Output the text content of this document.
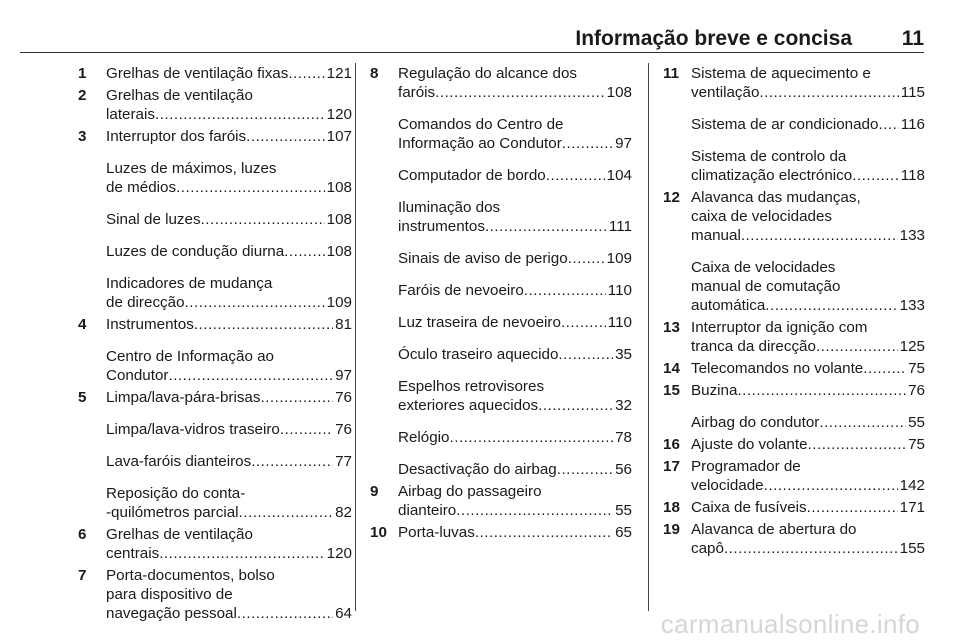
Informação breve e concisa 11
1 Grelhas de ventilação fixas .....	121
2 Grelhas de ventilação
laterais .....	120
3 Interruptor dos faróis .....	107
Luzes de máximos, luzes
de médios .....	108
Sinal de luzes .....	108
Luzes de condução diurna .....	108
Indicadores de mudança
de direcção .....	109
4 Instrumentos .....	81
Centro de Informação ao
Condutor .....	97
5 Limpa/lava-pára-brisas .....	76
Limpa/lava-vidros traseiro .....	76
Lava-faróis dianteiros .....	77
Reposição do conta-
-quilómetros parcial .....	82
6 Grelhas de ventilação
centrais .....	120
7 Porta-documentos, bolso
para dispositivo de
navegação pessoal .....	64
8 Regulação do alcance dos
faróis .....	108
Comandos do Centro de
Informação ao Condutor .....	97
Computador de bordo .....	104
Iluminação dos
instrumentos .....	111
Sinais de aviso de perigo .....	109
Faróis de nevoeiro .....	110
Luz traseira de nevoeiro .....	110
Óculo traseiro aquecido .....	35
Espelhos retrovisores
exteriores aquecidos .....	32
Relógio .....	78
Desactivação do airbag .....	56
9 Airbag do passageiro
dianteiro .....	55
10 Porta-luvas .....	65
11 Sistema de aquecimento e
ventilação .....	115
Sistema de ar condicionado ..... 116
Sistema de controlo da
climatização electrónico .....	118
12 Alavanca das mudanças,
caixa de velocidades
manual .....	133
Caixa de velocidades
manual de comutação
automática .....	133
13 Interruptor da ignição com
tranca da direcção .....	125
14 Telecomandos no volante .....	75
15 Buzina .....	76
Airbag do condutor .....	55
16 Ajuste do volante .....	75
17 Programador de
velocidade .....	142
18 Caixa de fusíveis .....	171
19 Alavanca de abertura do
capô .....	155
carmanualsonline.info
